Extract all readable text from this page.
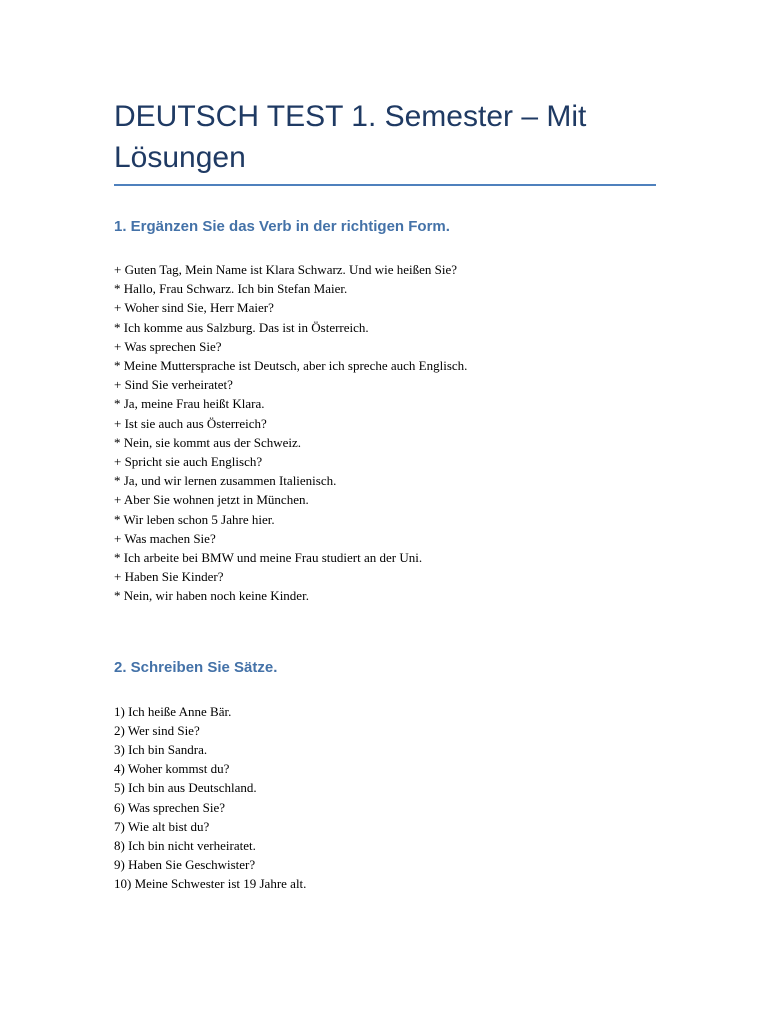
DEUTSCH TEST 1. Semester – Mit Lösungen
1. Ergänzen Sie das Verb in der richtigen Form.
+ Guten Tag, Mein Name ist Klara Schwarz. Und wie heißen Sie?
* Hallo, Frau Schwarz. Ich bin Stefan Maier.
+ Woher sind Sie, Herr Maier?
* Ich komme aus Salzburg. Das ist in Österreich.
+ Was sprechen Sie?
* Meine Muttersprache ist Deutsch, aber ich spreche auch Englisch.
+ Sind Sie verheiratet?
* Ja, meine Frau heißt Klara.
+ Ist sie auch aus Österreich?
* Nein, sie kommt aus der Schweiz.
+ Spricht sie auch Englisch?
* Ja, und wir lernen zusammen Italienisch.
+ Aber Sie wohnen jetzt in München.
* Wir leben schon 5 Jahre hier.
+ Was machen Sie?
* Ich arbeite bei BMW und meine Frau studiert an der Uni.
+ Haben Sie Kinder?
* Nein, wir haben noch keine Kinder.
2. Schreiben Sie Sätze.
1) Ich heiße Anne Bär.
2) Wer sind Sie?
3) Ich bin Sandra.
4) Woher kommst du?
5) Ich bin aus Deutschland.
6) Was sprechen Sie?
7) Wie alt bist du?
8) Ich bin nicht verheiratet.
9) Haben Sie Geschwister?
10) Meine Schwester ist 19 Jahre alt.
